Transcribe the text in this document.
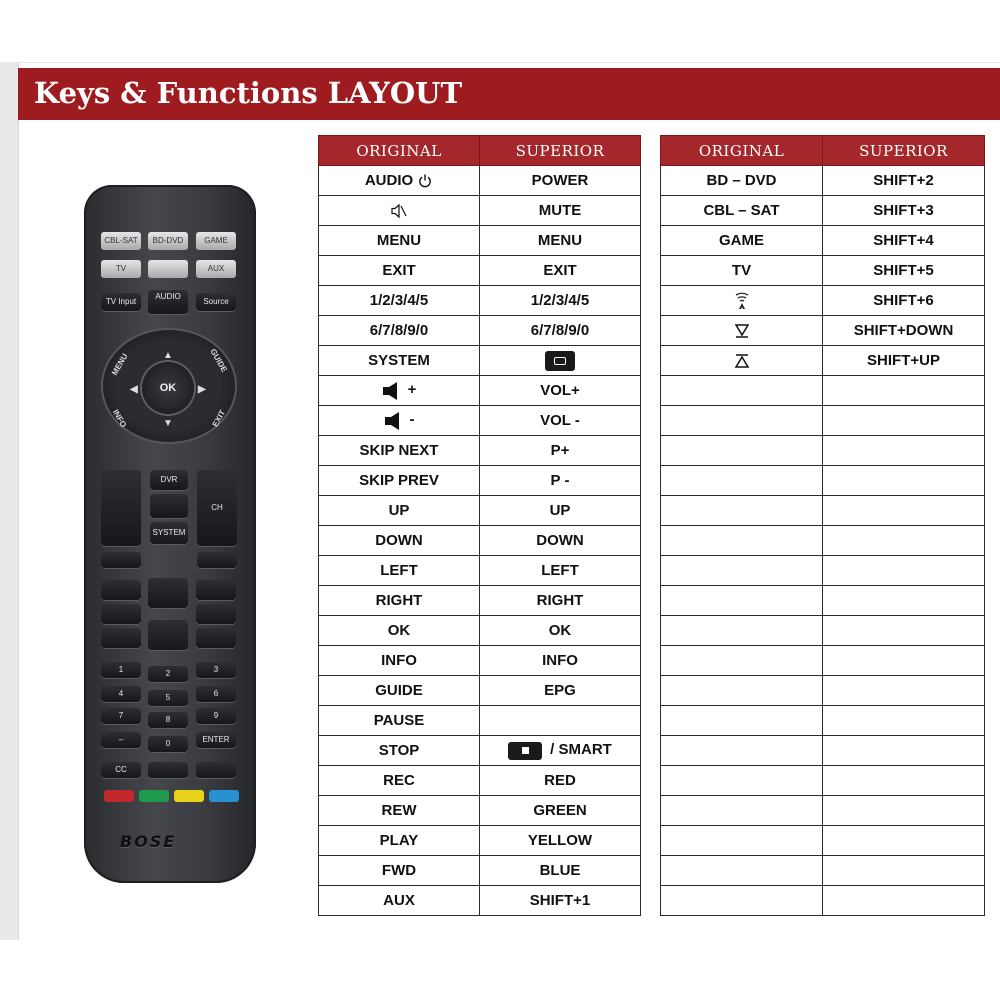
Keys & Functions LAYOUT
CBL-SAT	BD-DVD	GAME
TV	AUX
TV Input
AUDIO
Source
OK
MENU	GUIDE
INFO	EXIT
▲
▼
◀	▶
DVR
SYSTEM
CH
1	2	3
4	5	6
7	8	9
–	0	ENTER
CC
BOSE
ORIGINAL	SUPERIOR
AUDIO	POWER
	MUTE
MENU	MENU
EXIT	EXIT
1/2/3/4/5	1/2/3/4/5
6/7/8/9/0	6/7/8/9/0
SYSTEM	
+	VOL+
-	VOL -
SKIP NEXT	P+
SKIP PREV	P -
UP	UP
DOWN	DOWN
LEFT	LEFT
RIGHT	RIGHT
OK	OK
INFO	INFO
GUIDE	EPG
PAUSE	
STOP	/ SMART
REC	RED
REW	GREEN
PLAY	YELLOW
FWD	BLUE
AUX	SHIFT+1
ORIGINAL	SUPERIOR
BD – DVD	SHIFT+2
CBL – SAT	SHIFT+3
GAME	SHIFT+4
TV	SHIFT+5
	SHIFT+6
	SHIFT+DOWN
	SHIFT+UP
